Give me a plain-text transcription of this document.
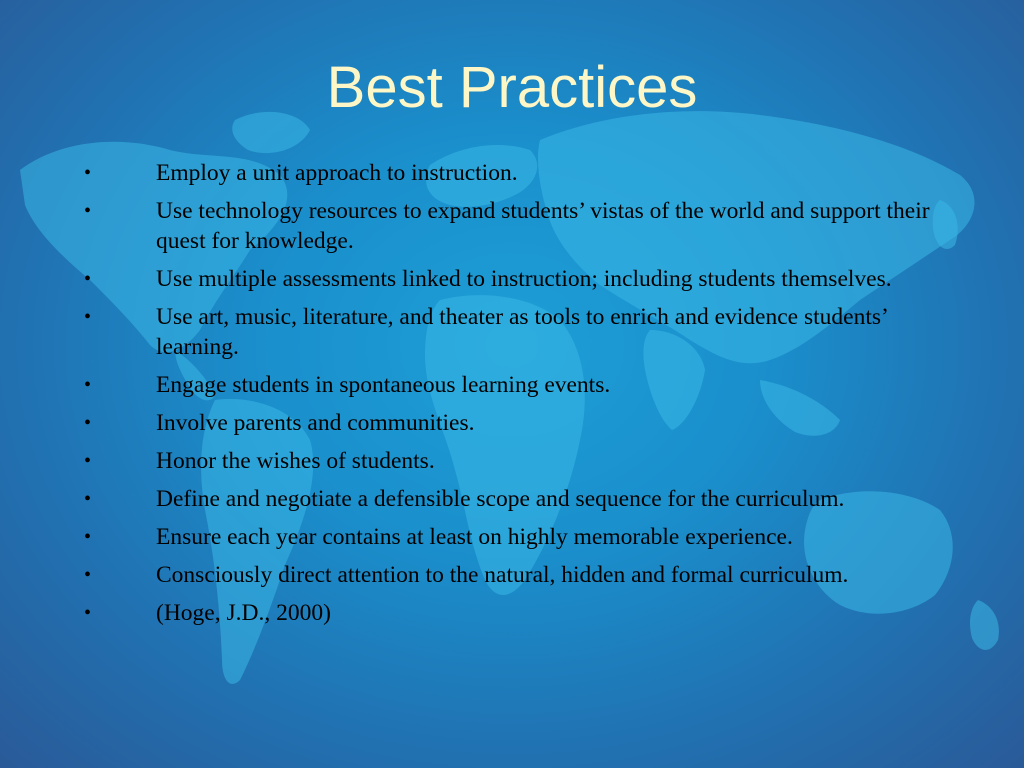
Best Practices
•	Employ a unit approach to instruction.
•	Use technology resources to expand students’ vistas of the world and support their quest for knowledge.
•	Use multiple assessments linked to instruction; including students themselves.
•	Use art, music, literature, and theater as tools to enrich and evidence students’ learning.
•	Engage students in spontaneous learning events.
•	Involve parents and communities.
•	Honor the wishes of students.
•	Define and negotiate a defensible scope and sequence for the curriculum.
•	Ensure each year contains at least on highly memorable experience.
•	Consciously direct attention to the natural, hidden and formal curriculum.
•	(Hoge, J.D., 2000)
